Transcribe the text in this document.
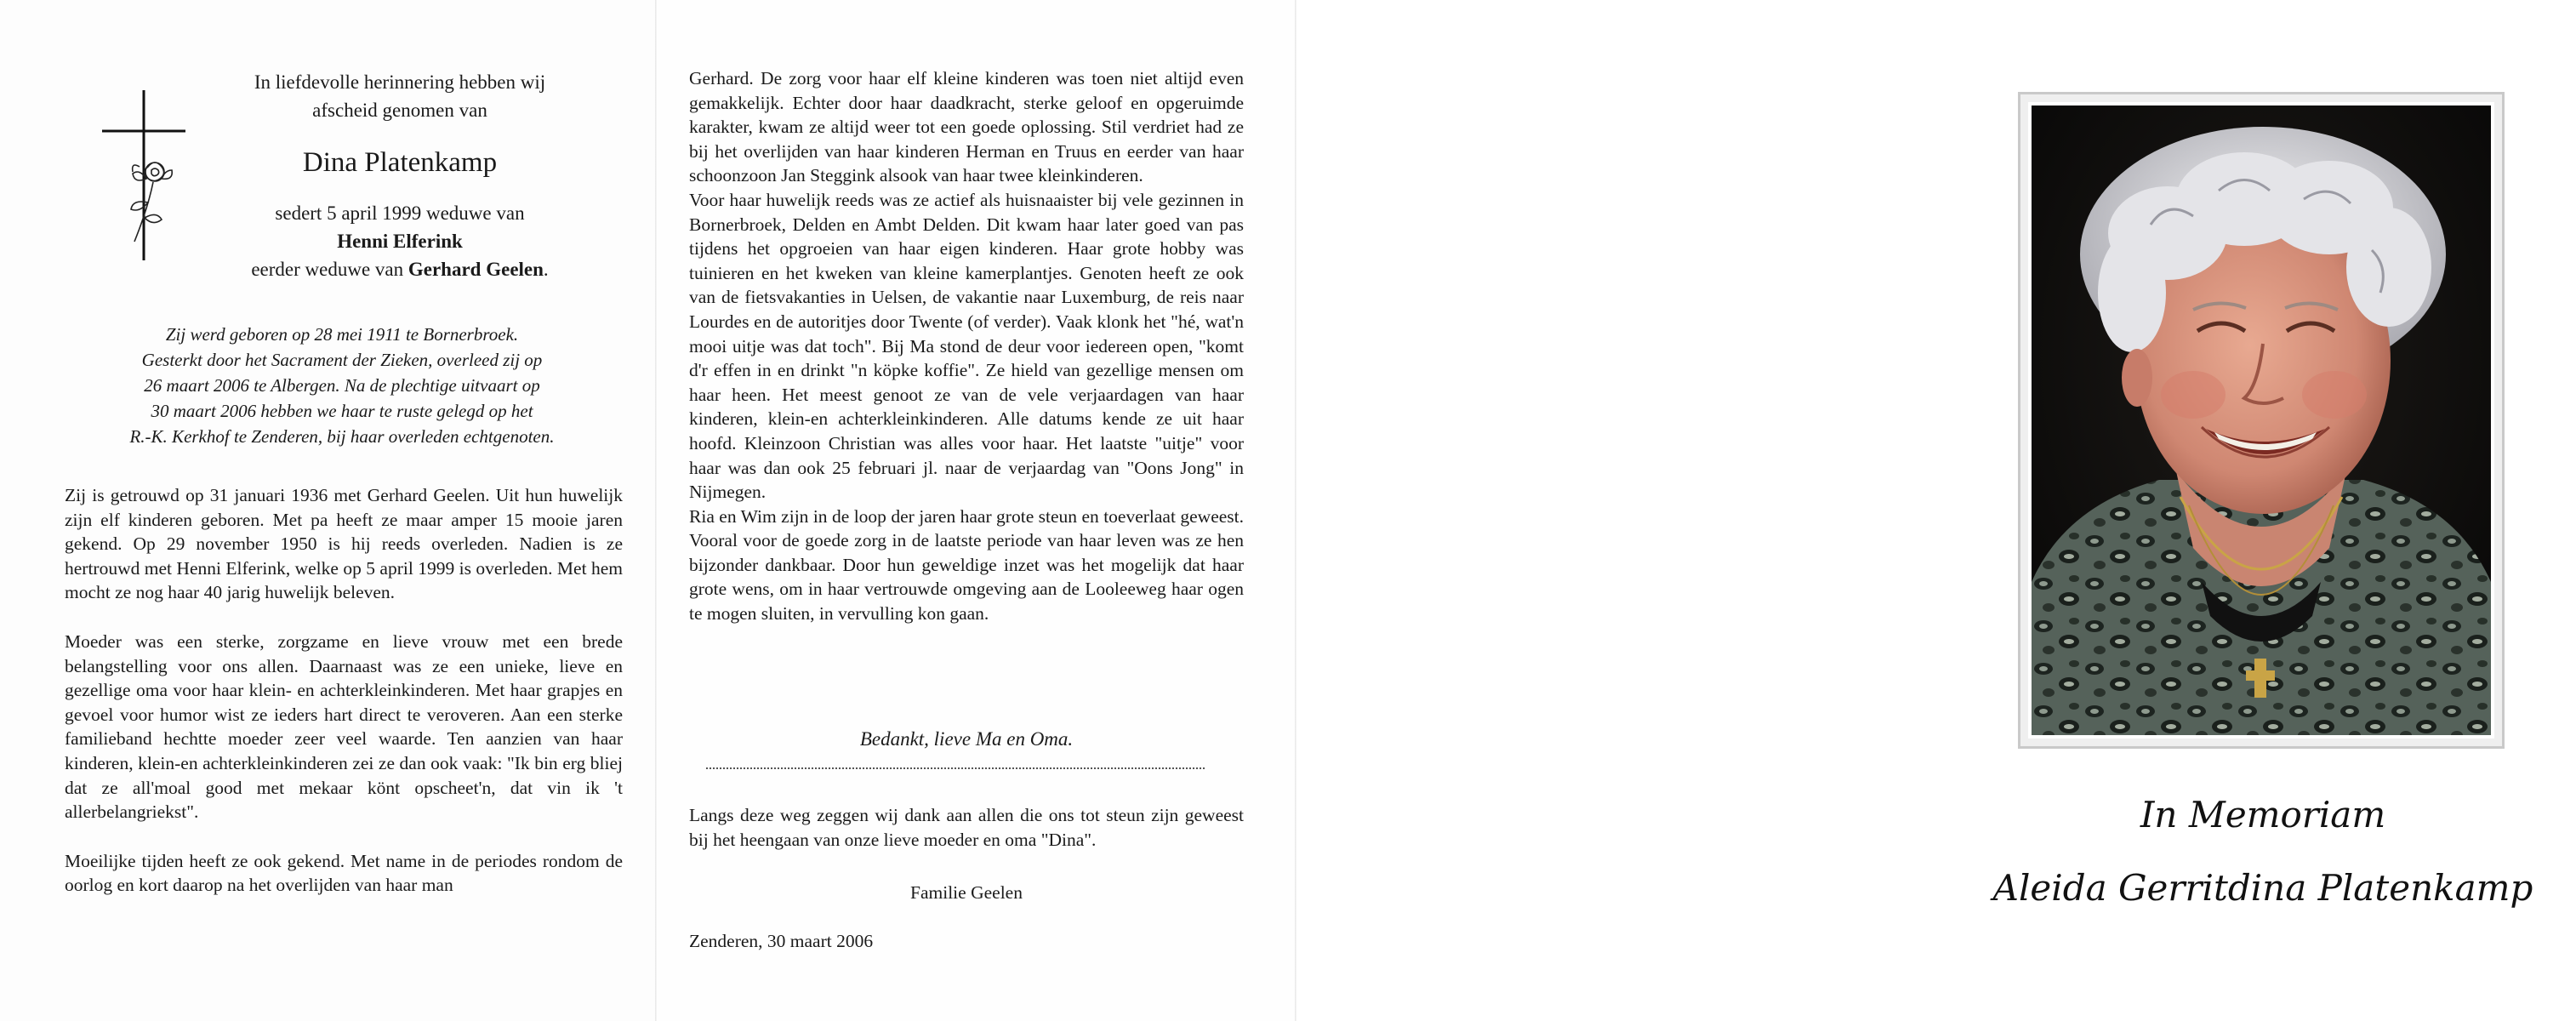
In liefdevolle herinnering hebben wij
afscheid genomen van
Dina Platenkamp
sedert 5 april 1999 weduwe van
Henni Elferink
eerder weduwe van Gerhard Geelen.
Zij werd geboren op 28 mei 1911 te Bornerbroek.
Gesterkt door het Sacrament der Zieken, overleed zij op
26 maart 2006 te Albergen. Na de plechtige uitvaart op
30 maart 2006 hebben we haar te ruste gelegd op het
R.-K. Kerkhof te Zenderen, bij haar overleden echtgenoten.

Zij is getrouwd op 31 januari 1936 met Gerhard Geelen. Uit hun huwelijk zijn elf kinderen geboren. Met pa heeft ze maar amper 15 mooie jaren gekend. Op 29 november 1950 is hij reeds overleden. Nadien is ze hertrouwd met Henni Elferink, welke op 5 april 1999 is overleden. Met hem mocht ze nog haar 40 jarig huwelijk beleven.

Moeder was een sterke, zorgzame en lieve vrouw met een brede belangstelling voor ons allen. Daarnaast was ze een unieke, lieve en gezellige oma voor haar klein- en achterkleinkinderen. Met haar grapjes en gevoel voor humor wist ze ieders hart direct te veroveren. Aan een sterke familieband hechtte moeder zeer veel waarde. Ten aanzien van haar kinderen, klein-en achterkleinkinderen zei ze dan ook vaak: "Ik bin erg bliej dat ze all'moal good met mekaar könt opscheet'n, dat vin ik 't allerbelangriekst".

Moeilijke tijden heeft ze ook gekend. Met name in de periodes rondom de oorlog en kort daarop na het overlijden van haar man

Gerhard. De zorg voor haar elf kleine kinderen was toen niet altijd even gemakkelijk. Echter door haar daadkracht, sterke geloof en opgeruimde karakter, kwam ze altijd weer tot een goede oplossing. Stil verdriet had ze bij het overlijden van haar kinderen Herman en Truus en eerder van haar schoonzoon Jan Steggink alsook van haar twee kleinkinderen.

Voor haar huwelijk reeds was ze actief als huisnaaister bij vele gezinnen in Bornerbroek, Delden en Ambt Delden. Dit kwam haar later goed van pas tijdens het opgroeien van haar eigen kinderen. Haar grote hobby was tuinieren en het kweken van kleine kamerplantjes. Genoten heeft ze ook van de fietsvakanties in Uelsen, de vakantie naar Luxemburg, de reis naar Lourdes en de autoritjes door Twente (of verder). Vaak klonk het "hé, wat'n mooi uitje was dat toch". Bij Ma stond de deur voor iedereen open, "komt d'r effen in en drinkt "n köpke koffie". Ze hield van gezellige mensen om haar heen. Het meest genoot ze van de vele verjaardagen van haar kinderen, klein-en achterkleinkinderen. Alle datums kende ze uit haar hoofd. Kleinzoon Christian was alles voor haar. Het laatste "uitje" voor haar was dan ook 25 februari jl. naar de verjaardag van "Oons Jong" in Nijmegen.

Ria en Wim zijn in de loop der jaren haar grote steun en toeverlaat geweest. Vooral voor de goede zorg in de laatste periode van haar leven was ze hen bijzonder dankbaar. Door hun geweldige inzet was het mogelijk dat haar grote wens, om in haar vertrouwde omgeving aan de Looleeweg haar ogen te mogen sluiten, in vervulling kon gaan.

Bedankt, lieve Ma en Oma.
Langs deze weg zeggen wij dank aan allen die ons tot steun zijn geweest bij het heengaan van onze lieve moeder en oma "Dina".
Familie Geelen
Zenderen, 30 maart 2006
In Memoriam
Aleida Gerritdina Platenkamp
